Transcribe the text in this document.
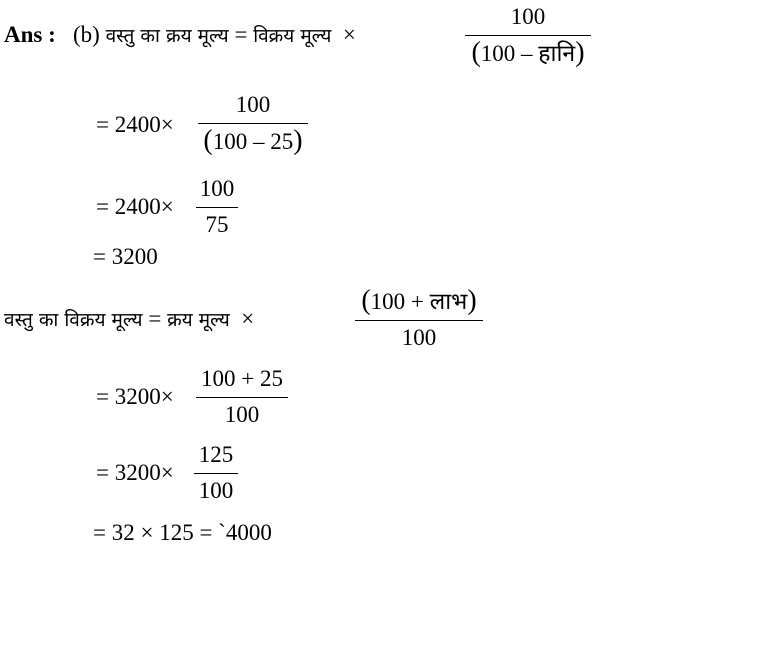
Ans : (b) वस्तु का क्रय मूल्य = विक्रय मूल्य ×
100
(100 – हानि)
= 2400×
100
(100 – 25)
= 2400×
100
75
= 3200
वस्तु का विक्रय मूल्य = क्रय मूल्य ×
(100 + लाभ)
100
= 3200×
100 + 25
100
= 3200×
125
100
= 32 × 125 = `4000
